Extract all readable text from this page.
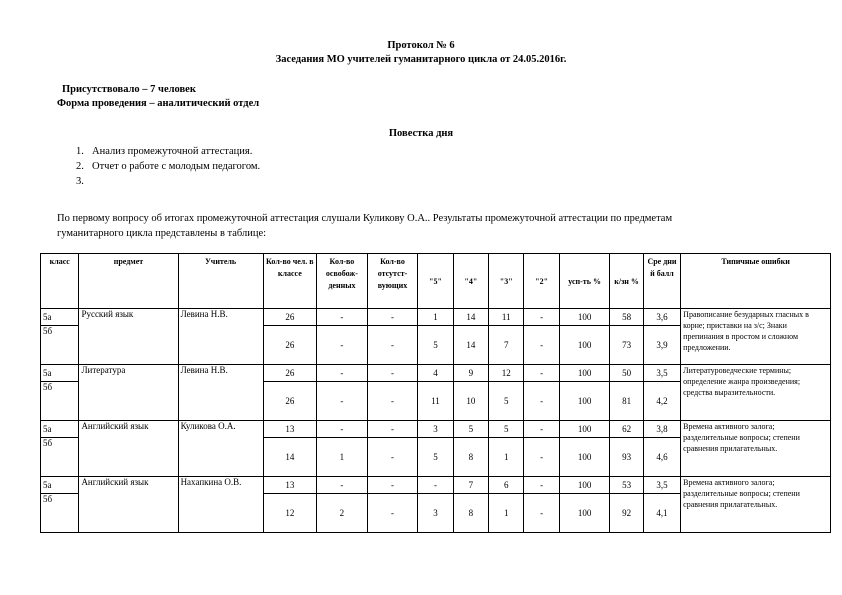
Протокол № 6
Заседания МО учителей гуманитарного цикла от 24.05.2016г.
Присутствовало – 7 человек
Форма проведения – аналитический отдел
Повестка дня
1. Анализ промежуточной аттестация.
2. Отчет о работе с молодым педагогом.
3.

По первому вопросу об итогах промежуточной аттестация слушали Куликову О.А.. Результаты промежуточной аттестации по предметам
гуманитарного цикла представлены в таблице:
класс	предмет	Учитель	Кол-во чел. в классе	Кол-во освобож-денных	Кол-во отсутст-вующих	"5"	"4"	"3"	"2"	усп-ть %	к/зн %	Сре дни й балл	Типичные ошибки
5а	Русский язык	Левина Н.В.	26	-	-	1	14	11	-	100	58	3,6	Правописание безударных гласных в корне; приставки на з/с; Знаки препинания в простом и сложном предложении.
5б			26	-	-	5	14	7	-	100	73	3,9	
5а	Литература	Левина Н.В.	26	-	-	4	9	12	-	100	50	3,5	Литературоведческие термины; определение жанра произведения; средства выразительности.
5б			26	-	-	11	10	5	-	100	81	4,2	
5а	Английский язык	Куликова О.А.	13	-	-	3	5	5	-	100	62	3,8	Времена активного залога; разделительные вопросы; степени сравнения прилагательных.
5б			14	1	-	5	8	1	-	100	93	4,6	
5а	Английский язык	Нахапкина О.В.	13	-	-	-	7	6	-	100	53	3,5	Времена активного залога; разделительные вопросы; степени сравнения прилагательных.
5б			12	2	-	3	8	1	-	100	92	4,1	
